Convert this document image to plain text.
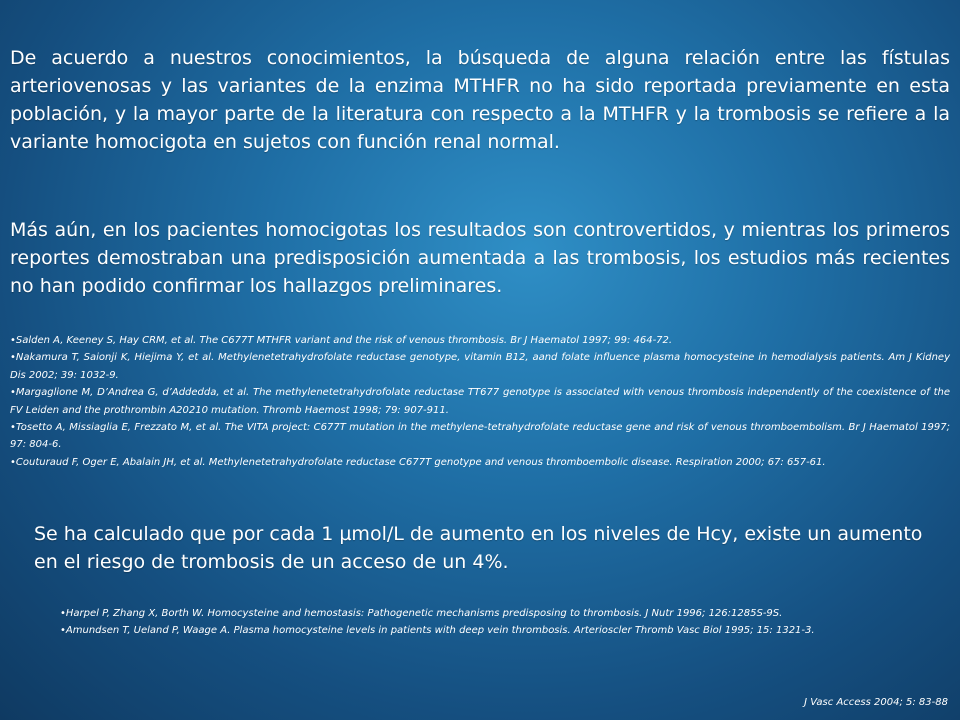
De acuerdo a nuestros conocimientos, la búsqueda de alguna relación entre las fístulas arteriovenosas y las variantes de la enzima MTHFR no ha sido reportada previamente en esta población, y la mayor parte de la literatura con respecto a la MTHFR y la trombosis se refiere a la variante homocigota en sujetos con función renal normal.

Más aún, en los pacientes homocigotas los resultados son controvertidos, y mientras los primeros reportes demostraban una predisposición aumentada a las trombosis, los estudios más recientes no han podido confirmar los hallazgos preliminares.

• Salden A, Keeney S, Hay CRM, et al. The C677T MTHFR variant and the risk of venous thrombosis. Br J Haematol 1997; 99: 464-72.
• Nakamura T, Saionji K, Hiejima Y, et al. Methylenetetrahydrofolate reductase genotype, vitamin B12, aand folate influence plasma homocysteine in hemodialysis patients. Am J Kidney Dis 2002; 39: 1032-9.
• Margaglione M, D’Andrea G, d’Addedda, et al. The methylenetetrahydrofolate reductase TT677 genotype is associated with venous thrombosis independently of the coexistence of the FV Leiden and the prothrombin A20210 mutation. Thromb Haemost 1998; 79: 907-911.
• Tosetto A, Missiaglia E, Frezzato M, et al. The VITA project: C677T mutation in the methylene-tetrahydrofolate reductase gene and risk of venous thromboembolism. Br J Haematol 1997; 97: 804-6.
• Couturaud F, Oger E, Abalain JH, et al. Methylenetetrahydrofolate reductase C677T genotype and venous thromboembolic disease. Respiration 2000; 67: 657-61.

Se ha calculado que por cada 1 µmol/L de aumento en los niveles de Hcy, existe un aumento en el riesgo de trombosis de un acceso de un 4%.

• Harpel P, Zhang X, Borth W. Homocysteine and hemostasis: Pathogenetic mechanisms predisposing to thrombosis. J Nutr 1996; 126:1285S-9S.
• Amundsen T, Ueland P, Waage A. Plasma homocysteine levels in patients with deep vein thrombosis. Arterioscler Thromb Vasc Biol 1995; 15: 1321-3.
J Vasc Access 2004; 5: 83-88
